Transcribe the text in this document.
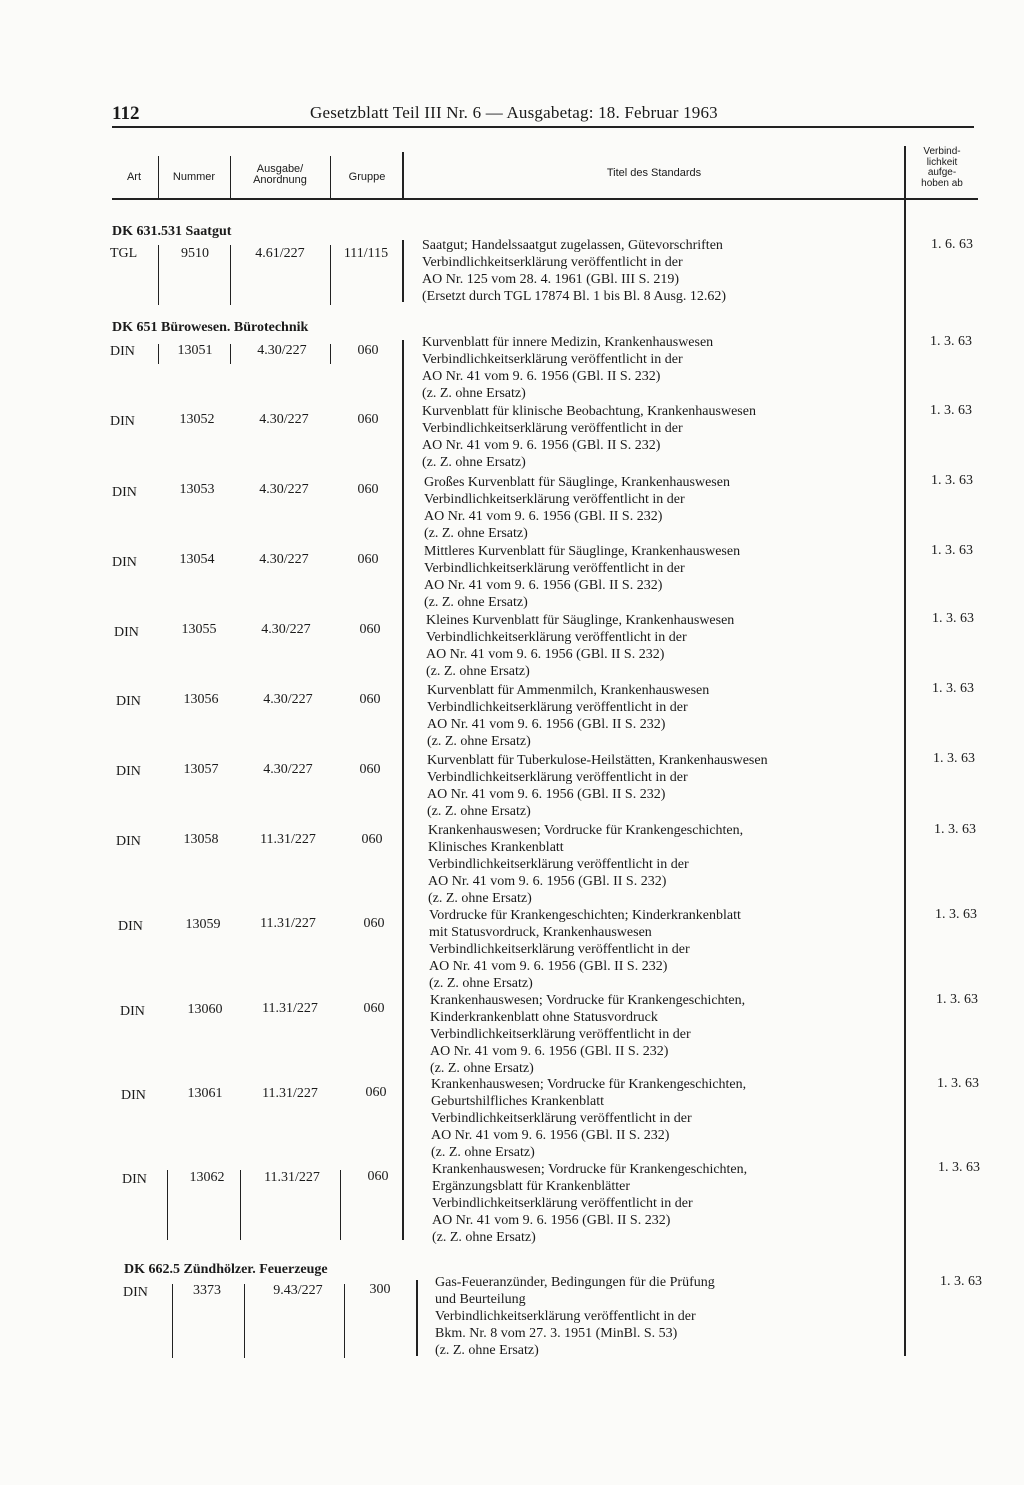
112	Gesetzblatt Teil III Nr. 6 — Ausgabetag: 18. Februar 1963
Art	Nummer
Ausgabe/
Anordnung	Gruppe	Titel des Standards
Verbind-
lichkeit
aufge-
hoben ab
DK 631.531 Saatgut
TGL	9510	4.61/227	111/115
Saatgut; Handelssaatgut zugelassen, Gütevorschriften
Verbindlichkeitserklärung veröffentlicht in der
AO Nr. 125 vom 28. 4. 1961 (GBl. III S. 219)
(Ersetzt durch TGL 17874 Bl. 1 bis Bl. 8 Ausg. 12.62)
1. 6. 63
DK 651 Bürowesen. Bürotechnik
DIN	13051	4.30/227	060
Kurvenblatt für innere Medizin, Krankenhauswesen
Verbindlichkeitserklärung veröffentlicht in der
AO Nr. 41 vom 9. 6. 1956 (GBl. II S. 232)
(z. Z. ohne Ersatz)
1. 3. 63
DIN	13052	4.30/227	060
Kurvenblatt für klinische Beobachtung, Krankenhauswesen
Verbindlichkeitserklärung veröffentlicht in der
AO Nr. 41 vom 9. 6. 1956 (GBl. II S. 232)
(z. Z. ohne Ersatz)
1. 3. 63
DIN	13053	4.30/227	060	Großes Kurvenblatt für Säuglinge, Krankenhauswesen
Verbindlichkeitserklärung veröffentlicht in der
AO Nr. 41 vom 9. 6. 1956 (GBl. II S. 232)
(z. Z. ohne Ersatz)
1. 3. 63
DIN	13054	4.30/227	060
Mittleres Kurvenblatt für Säuglinge, Krankenhauswesen
Verbindlichkeitserklärung veröffentlicht in der
AO Nr. 41 vom 9. 6. 1956 (GBl. II S. 232)
(z. Z. ohne Ersatz)
1. 3. 63
DIN	13055	4.30/227	060
Kleines Kurvenblatt für Säuglinge, Krankenhauswesen
Verbindlichkeitserklärung veröffentlicht in der
AO Nr. 41 vom 9. 6. 1956 (GBl. II S. 232)
(z. Z. ohne Ersatz)
1. 3. 63
DIN	13056	4.30/227	060
Kurvenblatt für Ammenmilch, Krankenhauswesen
Verbindlichkeitserklärung veröffentlicht in der
AO Nr. 41 vom 9. 6. 1956 (GBl. II S. 232)
(z. Z. ohne Ersatz)
1. 3. 63
DIN	13057	4.30/227	060
Kurvenblatt für Tuberkulose-Heilstätten, Krankenhauswesen
Verbindlichkeitserklärung veröffentlicht in der
AO Nr. 41 vom 9. 6. 1956 (GBl. II S. 232)
(z. Z. ohne Ersatz)
1. 3. 63
DIN	13058	11.31/227	060
Krankenhauswesen; Vordrucke für Krankengeschichten,
Klinisches Krankenblatt
Verbindlichkeitserklärung veröffentlicht in der
AO Nr. 41 vom 9. 6. 1956 (GBl. II S. 232)
(z. Z. ohne Ersatz)
1. 3. 63
DIN	13059	11.31/227	060
Vordrucke für Krankengeschichten; Kinderkrankenblatt
mit Statusvordruck, Krankenhauswesen
Verbindlichkeitserklärung veröffentlicht in der
AO Nr. 41 vom 9. 6. 1956 (GBl. II S. 232)
(z. Z. ohne Ersatz)
1. 3. 63
DIN	13060	11.31/227	060
Krankenhauswesen; Vordrucke für Krankengeschichten,
Kinderkrankenblatt ohne Statusvordruck
Verbindlichkeitserklärung veröffentlicht in der
AO Nr. 41 vom 9. 6. 1956 (GBl. II S. 232)
(z. Z. ohne Ersatz)
1. 3. 63
DIN	13061	11.31/227	060
Krankenhauswesen; Vordrucke für Krankengeschichten,
Geburtshilfliches Krankenblatt
Verbindlichkeitserklärung veröffentlicht in der
AO Nr. 41 vom 9. 6. 1956 (GBl. II S. 232)
(z. Z. ohne Ersatz)
1. 3. 63
DIN	13062	11.31/227	060	Krankenhauswesen; Vordrucke für Krankengeschichten,
Ergänzungsblatt für Krankenblätter
Verbindlichkeitserklärung veröffentlicht in der
AO Nr. 41 vom 9. 6. 1956 (GBl. II S. 232)
(z. Z. ohne Ersatz)
1. 3. 63
DK 662.5 Zündhölzer. Feuerzeuge
DIN	3373	9.43/227	300	Gas-Feueranzünder, Bedingungen für die Prüfung
und Beurteilung
Verbindlichkeitserklärung veröffentlicht in der
Bkm. Nr. 8 vom 27. 3. 1951 (MinBl. S. 53)
(z. Z. ohne Ersatz)
1. 3. 63
